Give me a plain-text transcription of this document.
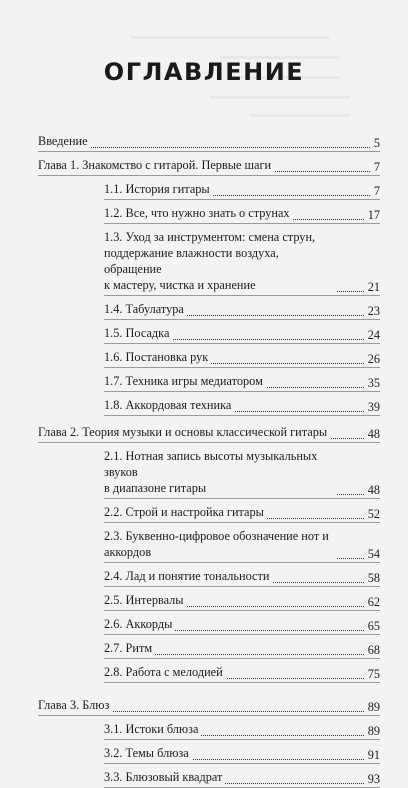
ОГЛАВЛЕНИЕ
Введение	5
Глава 1. Знакомство с гитарой. Первые шаги	7
1.1. История гитары	7
1.2. Все, что нужно знать о струнах	17
1.3. Уход за инструментом: смена струн,
поддержание влажности воздуха, обращение
к мастеру, чистка и хранение	21
1.4. Табулатура	23
1.5. Посадка	24
1.6. Постановка рук	26
1.7. Техника игры медиатором	35
1.8. Аккордовая техника	39
Глава 2. Теория музыки и основы классической гитары	48
2.1. Нотная запись высоты музыкальных звуков
в диапазоне гитары	48
2.2. Строй и настройка гитары	52
2.3. Буквенно-цифровое обозначение нот и аккордов	54
2.4. Лад и понятие тональности	58
2.5. Интервалы	62
2.6. Аккорды	65
2.7. Ритм	68
2.8. Работа с мелодией	75
Глава 3. Блюз	89
3.1. Истоки блюза	89
3.2. Темы блюза	91
3.3. Блюзовый квадрат	93
